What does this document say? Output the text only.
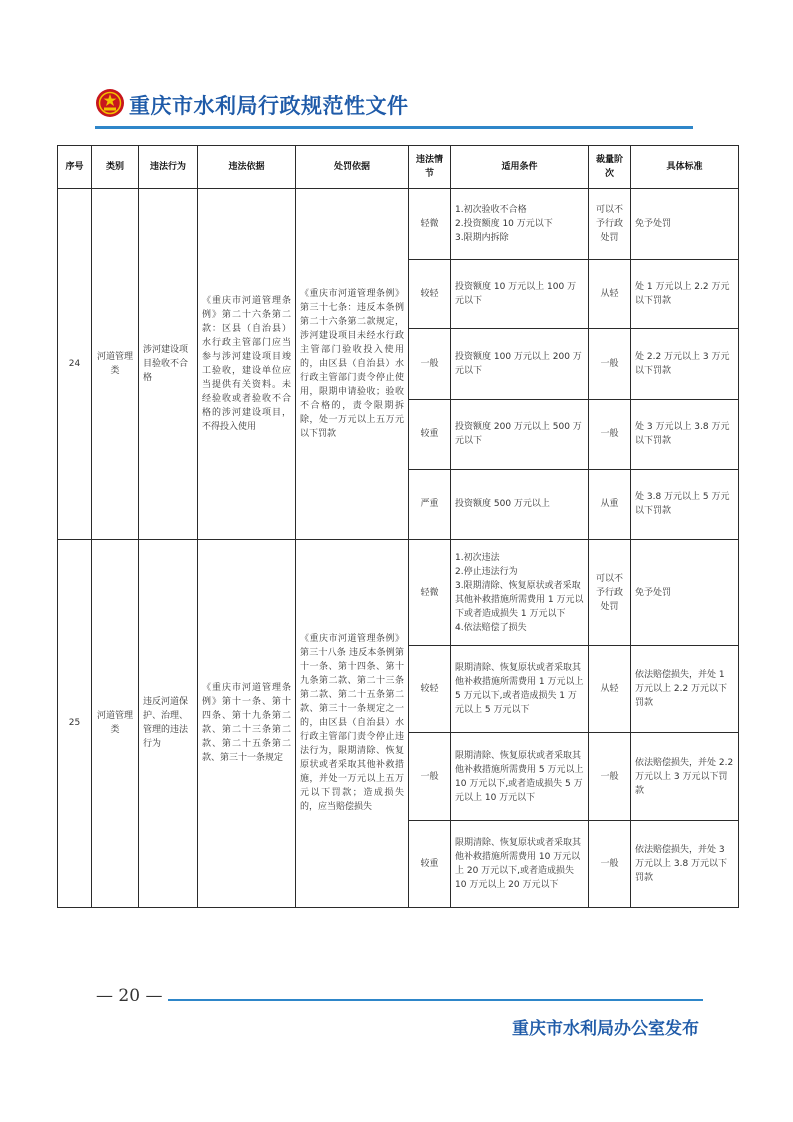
重庆市水利局行政规范性文件
序号	类别	违法行为	违法依据	处罚依据	违法情节	适用条件	裁量阶次	具体标准
24	河道管理类	涉河建设项目验收不合格	《重庆市河道管理条例》第二十六条第二款：区县（自治县）水行政主管部门应当参与涉河建设项目竣工验收，建设单位应当提供有关资料。未经验收或者验收不合格的涉河建设项目，不得投入使用	《重庆市河道管理条例》第三十七条：违反本条例第二十六条第二款规定，涉河建设项目未经水行政主管部门验收投入使用的，由区县（自治县）水行政主管部门责令停止使用，限期申请验收；验收不合格的，责令限期拆除，处一万元以上五万元以下罚款	轻微	1.初次验收不合格
2.投资额度 10 万元以下
3.限期内拆除	可以不予行政处罚	免予处罚
					较轻	投资额度 10 万元以上 100 万元以下	从轻	处 1 万元以上 2.2 万元以下罚款
					一般	投资额度 100 万元以上 200 万元以下	一般	处 2.2 万元以上 3 万元以下罚款
					较重	投资额度 200 万元以上 500 万元以下	一般	处 3 万元以上 3.8 万元以下罚款
					严重	投资额度 500 万元以上	从重	处 3.8 万元以上 5 万元以下罚款
25	河道管理类	违反河道保护、治理、管理的违法行为	《重庆市河道管理条例》第十一条、第十四条、第十九条第二款、第二十三条第二款、第二十五条第二款、第三十一条规定	《重庆市河道管理条例》第三十八条 违反本条例第十一条、第十四条、第十九条第二款、第二十三条第二款、第二十五条第二款、第三十一条规定之一的，由区县（自治县）水行政主管部门责令停止违法行为，限期清除、恢复原状或者采取其他补救措施，并处一万元以上五万元以下罚款；造成损失的，应当赔偿损失	轻微	1.初次违法
2.停止违法行为
3.限期清除、恢复原状或者采取其他补救措施所需费用 1 万元以下或者造成损失 1 万元以下
4.依法赔偿了损失	可以不予行政处罚	免予处罚
					较轻	限期清除、恢复原状或者采取其他补救措施所需费用 1 万元以上 5 万元以下,或者造成损失 1 万元以上 5 万元以下	从轻	依法赔偿损失，并处 1 万元以上 2.2 万元以下罚款
					一般	限期清除、恢复原状或者采取其他补救措施所需费用 5 万元以上 10 万元以下,或者造成损失 5 万元以上 10 万元以下	一般	依法赔偿损失，并处 2.2 万元以上 3 万元以下罚款
					较重	限期清除、恢复原状或者采取其他补救措施所需费用 10 万元以上 20 万元以下,或者造成损失 10 万元以上 20 万元以下	一般	依法赔偿损失，并处 3 万元以上 3.8 万元以下罚款
— 20 —
重庆市水利局办公室发布
